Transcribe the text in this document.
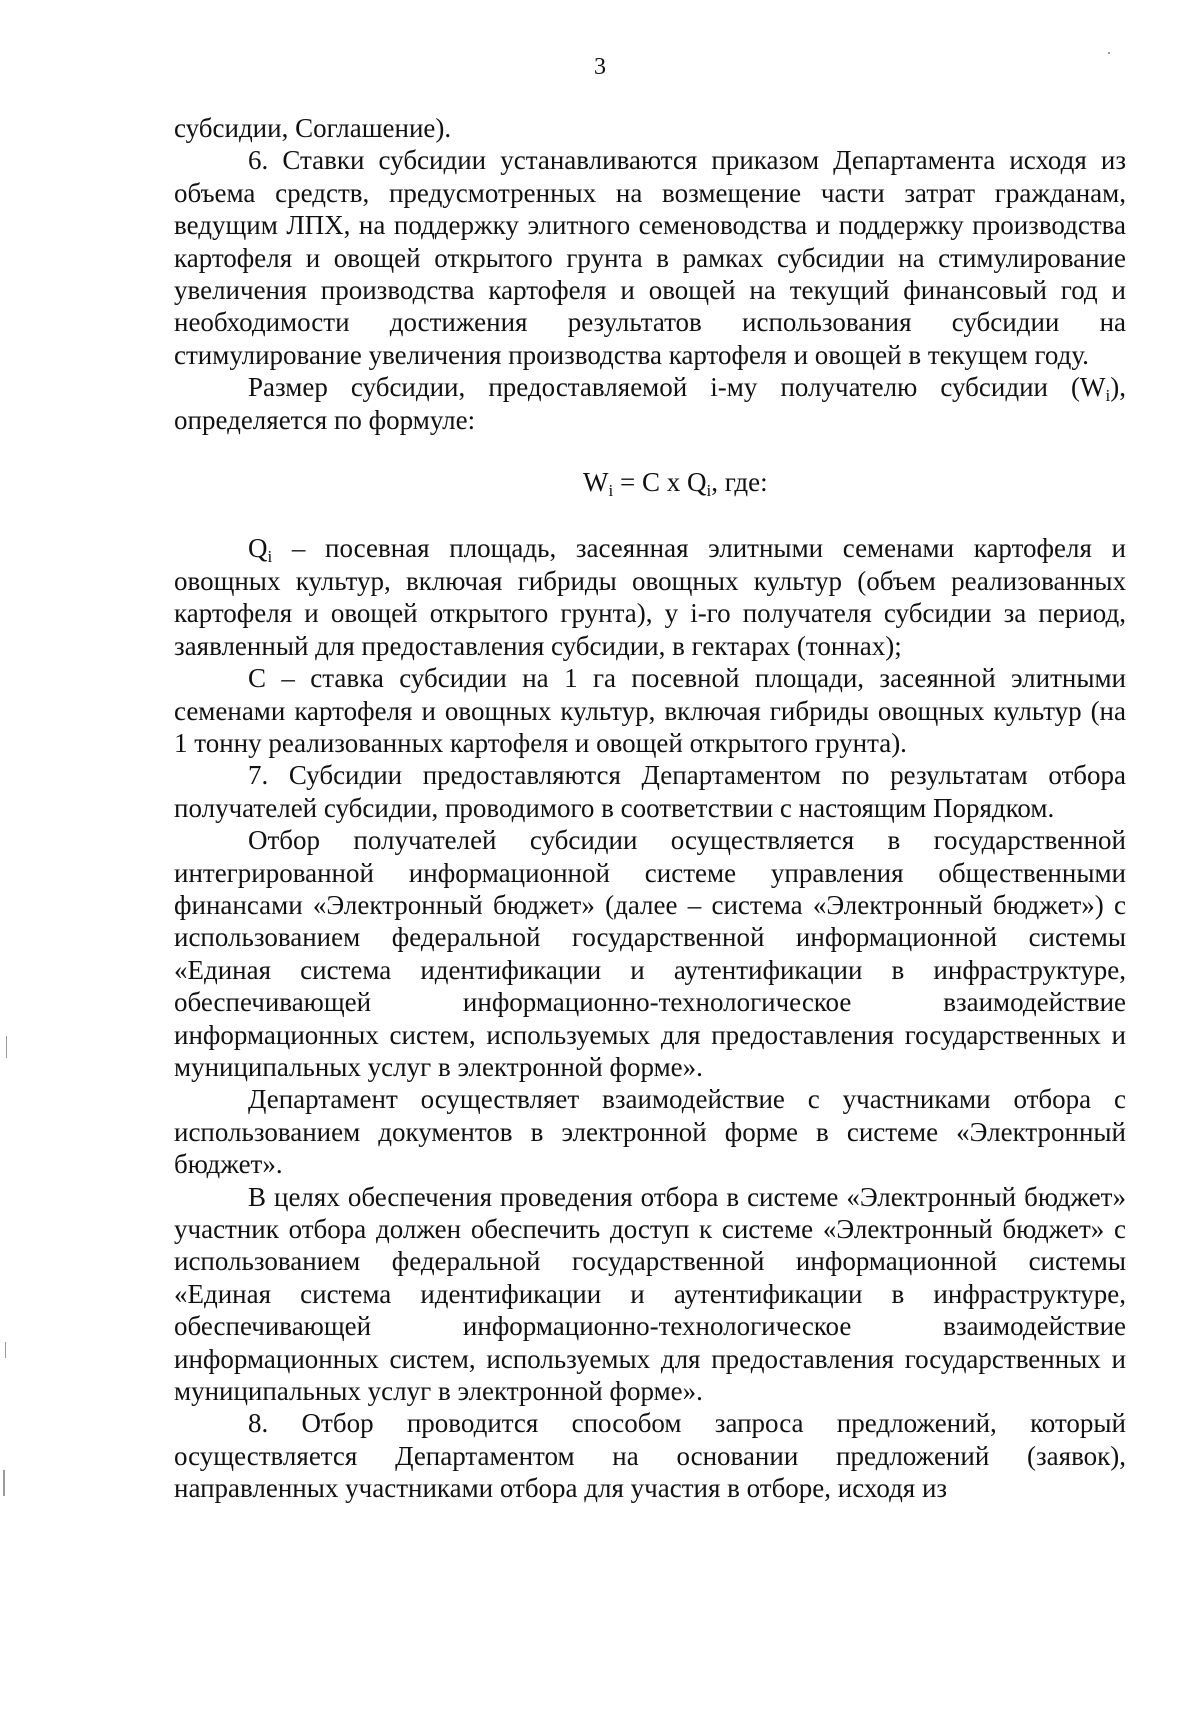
3

субсидии, Соглашение).

6. Ставки субсидии устанавливаются приказом Департамента исходя из объема средств, предусмотренных на возмещение части затрат гражданам, ведущим ЛПХ, на поддержку элитного семеноводства и поддержку производства картофеля и овощей открытого грунта в рамках субсидии на стимулирование увеличения производства картофеля и овощей на текущий финансовый год и необходимости достижения результатов использования субсидии на стимулирование увеличения производства картофеля и овощей в текущем году.

Размер субсидии, предоставляемой i-му получателю субсидии $(W_i)$, определяется по формуле:

$W_i = C$ x $Q_i$, где:

$Q_i$ – посевная площадь, засеянная элитными семенами картофеля и овощных культур, включая гибриды овощных культур (объем реализованных картофеля и овощей открытого грунта), у i-го получателя субсидии за период, заявленный для предоставления субсидии, в гектарах (тоннах);

C – ставка субсидии на 1 га посевной площади, засеянной элитными семенами картофеля и овощных культур, включая гибриды овощных культур (на 1 тонну реализованных картофеля и овощей открытого грунта).

7. Субсидии предоставляются Департаментом по результатам отбора получателей субсидии, проводимого в соответствии с настоящим Порядком.

Отбор получателей субсидии осуществляется в государственной интегрированной информационной системе управления общественными финансами «Электронный бюджет» (далее – система «Электронный бюджет») с использованием федеральной государственной информационной системы «Единая система идентификации и аутентификации в инфраструктуре, обеспечивающей информационно-технологическое взаимодействие информационных систем, используемых для предоставления государственных и муниципальных услуг в электронной форме».

Департамент осуществляет взаимодействие с участниками отбора с использованием документов в электронной форме в системе «Электронный бюджет».

В целях обеспечения проведения отбора в системе «Электронный бюджет» участник отбора должен обеспечить доступ к системе «Электронный бюджет» с использованием федеральной государственной информационной системы «Единая система идентификации и аутентификации в инфраструктуре, обеспечивающей информационно-технологическое взаимодействие информационных систем, используемых для предоставления государственных и муниципальных услуг в электронной форме».

8. Отбор проводится способом запроса предложений, который осуществляется Департаментом на основании предложений (заявок), направленных участниками отбора для участия в отборе, исходя из
